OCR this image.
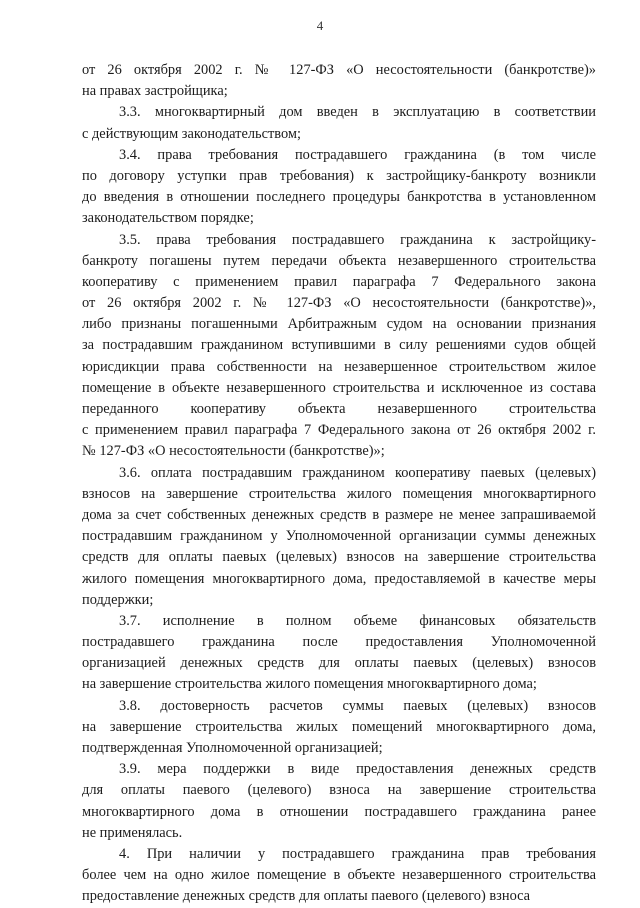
4
от 26 октября 2002 г. № 127-ФЗ «О несостоятельности (банкротстве)»
на правах застройщика;
3.3. многоквартирный дом введен в эксплуатацию в соответствии
с действующим законодательством;
3.4. права требования пострадавшего гражданина (в том числе
по договору уступки прав требования) к застройщику-банкроту возникли
до введения в отношении последнего процедуры банкротства в установленном
законодательством порядке;
3.5. права требования пострадавшего гражданина к застройщику-
банкроту погашены путем передачи объекта незавершенного строительства
кооперативу с применением правил параграфа 7 Федерального закона
от 26 октября 2002 г. № 127-ФЗ «О несостоятельности (банкротстве)»,
либо признаны погашенными Арбитражным судом на основании признания
за пострадавшим гражданином вступившими в силу решениями судов общей
юрисдикции права собственности на незавершенное строительством жилое
помещение в объекте незавершенного строительства и исключенное из состава
переданного кооперативу объекта незавершенного строительства
с применением правил параграфа 7 Федерального закона от 26 октября 2002 г.
№ 127-ФЗ «О несостоятельности (банкротстве)»;
3.6. оплата пострадавшим гражданином кооперативу паевых (целевых)
взносов на завершение строительства жилого помещения многоквартирного
дома за счет собственных денежных средств в размере не менее запрашиваемой
пострадавшим гражданином у Уполномоченной организации суммы денежных
средств для оплаты паевых (целевых) взносов на завершение строительства
жилого помещения многоквартирного дома, предоставляемой в качестве меры
поддержки;
3.7. исполнение в полном объеме финансовых обязательств
пострадавшего гражданина после предоставления Уполномоченной
организацией денежных средств для оплаты паевых (целевых) взносов
на завершение строительства жилого помещения многоквартирного дома;
3.8. достоверность расчетов суммы паевых (целевых) взносов
на завершение строительства жилых помещений многоквартирного дома,
подтвержденная Уполномоченной организацией;
3.9. мера поддержки в виде предоставления денежных средств
для оплаты паевого (целевого) взноса на завершение строительства
многоквартирного дома в отношении пострадавшего гражданина ранее
не применялась.
4. При наличии у пострадавшего гражданина прав требования
более чем на одно жилое помещение в объекте незавершенного строительства
предоставление денежных средств для оплаты паевого (целевого) взноса
